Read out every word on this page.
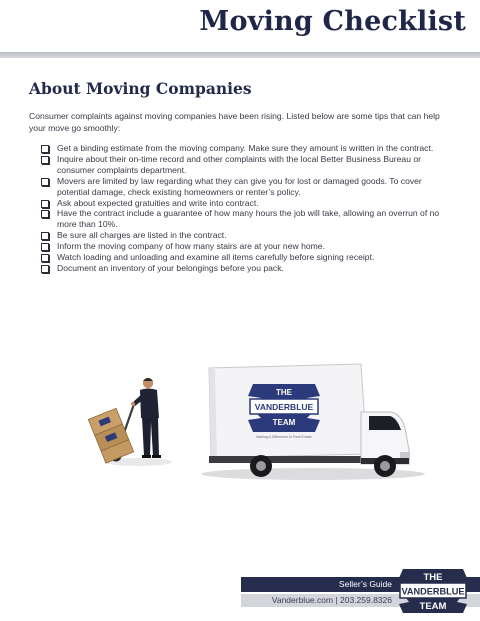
Moving Checklist
About Moving Companies
Consumer complaints against moving companies have been rising. Listed below are some tips that can help your move go smoothly:
Get a binding estimate from the moving company. Make sure they amount is written in the contract.
Inquire about their on-time record and other complaints with the local Better Business Bureau or consumer complaints department.
Movers are limited by law regarding what they can give you for lost or damaged goods. To cover potential damage, check existing homeowners or renter’s policy.
Ask about expected gratuities and write into contract.
Have the contract include a guarantee of how many hours the job will take, allowing an overrun of no more than 10%.
Be sure all charges are listed in the contract.
Inform the moving company of how many stairs are at your new home.
Watch loading and unloading and examine all items carefully before signing receipt.
Document an inventory of your belongings before you pack.
THE
VANDERBLUE
TEAM
Making A Difference In Real Estate
Seller’s Guide
Vanderblue.com | 203.259.8326
THE
VANDERBLUE
TEAM
